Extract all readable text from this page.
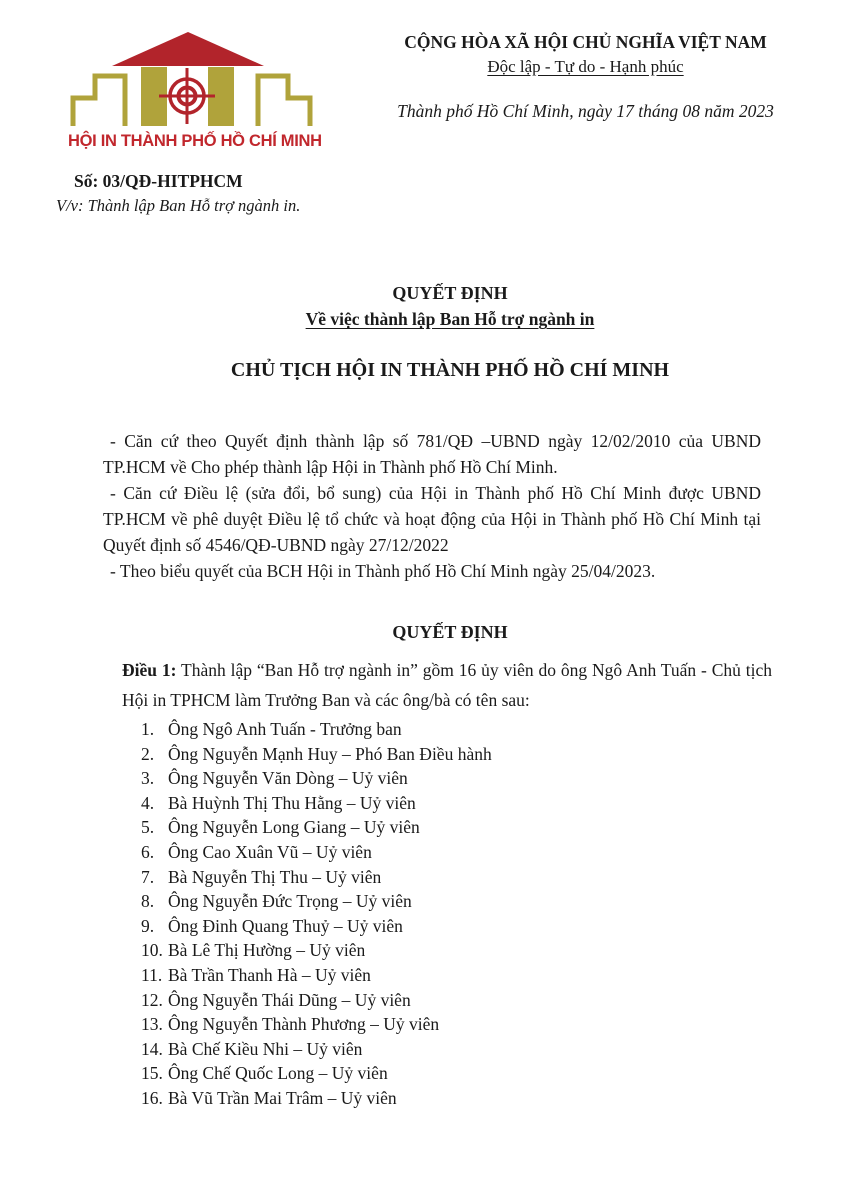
HỘI IN THÀNH PHỐ HỒ CHÍ MINH
CỘNG HÒA XÃ HỘI CHỦ NGHĨA VIỆT NAM
Độc lập - Tự do - Hạnh phúc
Thành phố Hồ Chí Minh, ngày 17 tháng 08 năm 2023
Số: 03/QĐ-HITPHCM
V/v: Thành lập Ban Hỗ trợ ngành in.
QUYẾT ĐỊNH
Về việc thành lập Ban Hỗ trợ ngành in
CHỦ TỊCH HỘI IN THÀNH PHỐ HỒ CHÍ MINH

- Căn cứ theo Quyết định thành lập số 781/QĐ –UBND ngày 12/02/2010 của UBND TP.HCM về Cho phép thành lập Hội in Thành phố Hồ Chí Minh.

- Căn cứ Điều lệ (sửa đổi, bổ sung) của Hội in Thành phố Hồ Chí Minh được UBND TP.HCM về phê duyệt Điều lệ tổ chức và hoạt động của Hội in Thành phố Hồ Chí Minh tại Quyết định số 4546/QĐ-UBND ngày 27/12/2022

- Theo biểu quyết của BCH Hội in Thành phố Hồ Chí Minh ngày 25/04/2023.

QUYẾT ĐỊNH

Điều 1: Thành lập “Ban Hỗ trợ ngành in” gồm 16 ủy viên do ông Ngô Anh Tuấn - Chủ tịch Hội in TPHCM làm Trưởng Ban và các ông/bà có tên sau:

1. Ông Ngô Anh Tuấn - Trưởng ban
2. Ông Nguyễn Mạnh Huy – Phó Ban Điều hành
3. Ông Nguyễn Văn Dòng – Uỷ viên
4. Bà Huỳnh Thị Thu Hằng – Uỷ viên
5. Ông Nguyễn Long Giang – Uỷ viên
6. Ông Cao Xuân Vũ – Uỷ viên
7. Bà Nguyễn Thị Thu – Uỷ viên
8. Ông Nguyễn Đức Trọng – Uỷ viên
9. Ông Đinh Quang Thuỷ – Uỷ viên
10. Bà Lê Thị Hường – Uỷ viên
11. Bà Trần Thanh Hà – Uỷ viên
12. Ông Nguyễn Thái Dũng – Uỷ viên
13. Ông Nguyễn Thành Phương – Uỷ viên
14. Bà Chế Kiều Nhi – Uỷ viên
15. Ông Chế Quốc Long – Uỷ viên
16. Bà Vũ Trần Mai Trâm – Uỷ viên
